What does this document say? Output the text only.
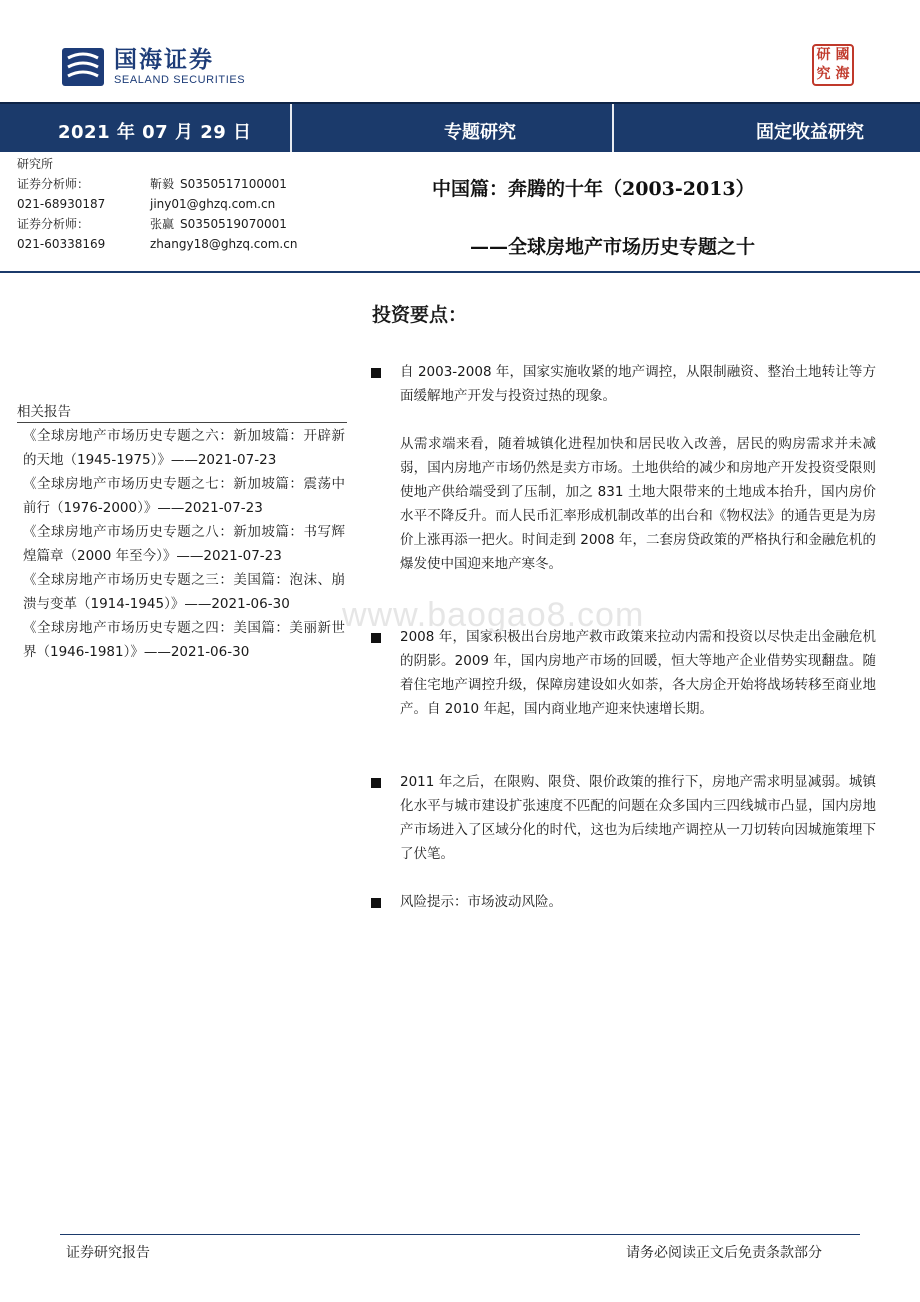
国海证券
SEALAND SECURITIES
研 國
究 海
2021 年 07 月 29 日	专题研究	固定收益研究
研究所
证券分析师：	靳毅 S0350517100001
021-68930187	jiny01@ghzq.com.cn
证券分析师：	张赢 S0350519070001
021-60338169	zhangy18@ghzq.com.cn
中国篇：奔腾的十年（2003-2013）
——全球房地产市场历史专题之十
投资要点：
自 2003-2008 年，国家实施收紧的地产调控，从限制融资、整治土地转让等方面缓解地产开发与投资过热的现象。
从需求端来看，随着城镇化进程加快和居民收入改善，居民的购房需求并未减弱，国内房地产市场仍然是卖方市场。土地供给的减少和房地产开发投资受限则使地产供给端受到了压制，加之 831 土地大限带来的土地成本抬升，国内房价水平不降反升。而人民币汇率形成机制改革的出台和《物权法》的通告更是为房价上涨再添一把火。时间走到 2008 年，二套房贷政策的严格执行和金融危机的爆发使中国迎来地产寒冬。
2008 年，国家积极出台房地产救市政策来拉动内需和投资以尽快走出金融危机的阴影。2009 年，国内房地产市场的回暖，恒大等地产企业借势实现翻盘。随着住宅地产调控升级，保障房建设如火如荼，各大房企开始将战场转移至商业地产。自 2010 年起，国内商业地产迎来快速增长期。
2011 年之后，在限购、限贷、限价政策的推行下，房地产需求明显减弱。城镇化水平与城市建设扩张速度不匹配的问题在众多国内三四线城市凸显，国内房地产市场进入了区域分化的时代，这也为后续地产调控从一刀切转向因城施策埋下了伏笔。
风险提示：市场波动风险。
相关报告
《全球房地产市场历史专题之六：新加坡篇：开辟新的天地（1945-1975）》——2021-07-23
《全球房地产市场历史专题之七：新加坡篇：震荡中前行（1976-2000）》——2021-07-23
《全球房地产市场历史专题之八：新加坡篇：书写辉煌篇章（2000 年至今）》——2021-07-23
《全球房地产市场历史专题之三：美国篇：泡沫、崩溃与变革（1914-1945）》——2021-06-30
《全球房地产市场历史专题之四：美国篇：美丽新世界（1946-1981）》——2021-06-30
www.baogao8.com
证券研究报告	请务必阅读正文后免责条款部分
